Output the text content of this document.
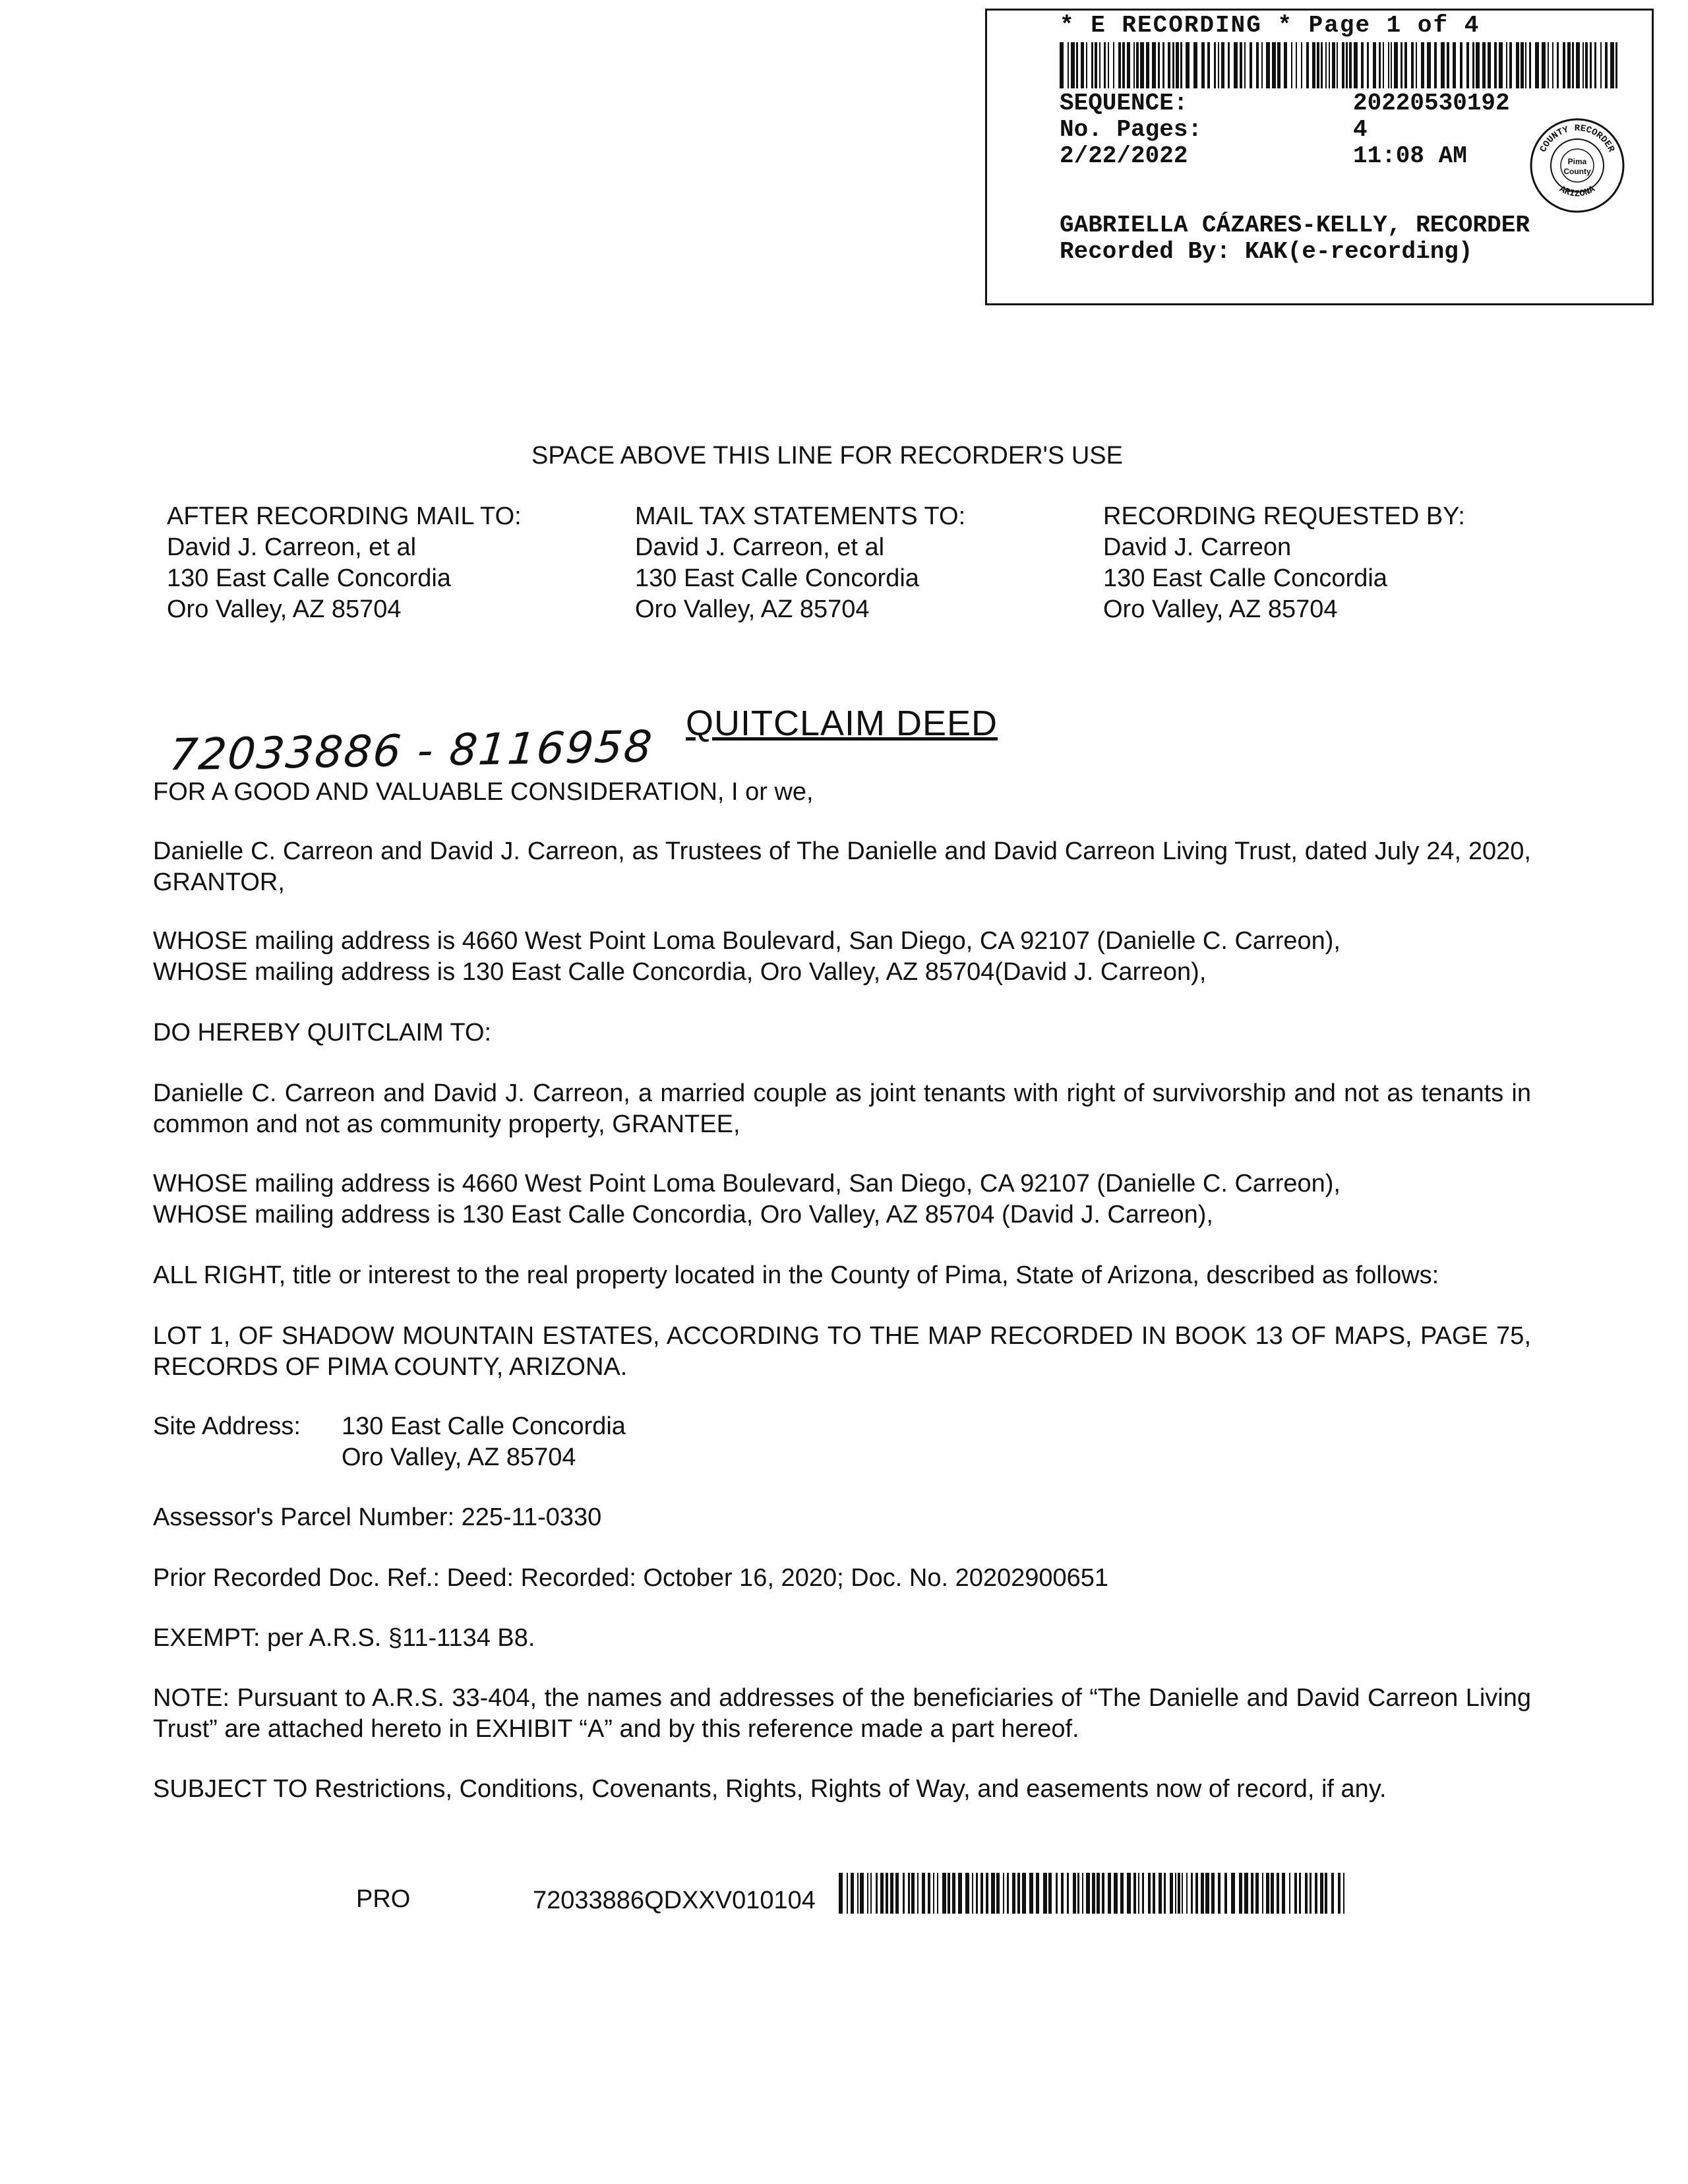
* E RECORDING * Page 1 of 4
SEQUENCE:	20220530192
No. Pages:	4
2/22/2022	11:08 AM	COUNTY RECORDER
ARIZONA
Pima
County
GABRIELLA CÁZARES-KELLY, RECORDER
Recorded By: KAK(e-recording)
SPACE ABOVE THIS LINE FOR RECORDER'S USE
AFTER RECORDING MAIL TO:
David J. Carreon, et al
130 East Calle Concordia
Oro Valley, AZ 85704
MAIL TAX STATEMENTS TO:
David J. Carreon, et al
130 East Calle Concordia
Oro Valley, AZ 85704
RECORDING REQUESTED BY:
David J. Carreon
130 East Calle Concordia
Oro Valley, AZ 85704
72033886 - 8116958 QUITCLAIM DEED
FOR A GOOD AND VALUABLE CONSIDERATION, I or we,
Danielle C. Carreon and David J. Carreon, as Trustees of The Danielle and David Carreon Living Trust, dated July 24, 2020, GRANTOR,
WHOSE mailing address is 4660 West Point Loma Boulevard, San Diego, CA 92107 (Danielle C. Carreon),
WHOSE mailing address is 130 East Calle Concordia, Oro Valley, AZ 85704(David J. Carreon),
DO HEREBY QUITCLAIM TO:
Danielle C. Carreon and David J. Carreon, a married couple as joint tenants with right of survivorship and not as tenants in common and not as community property, GRANTEE,
WHOSE mailing address is 4660 West Point Loma Boulevard, San Diego, CA 92107 (Danielle C. Carreon),
WHOSE mailing address is 130 East Calle Concordia, Oro Valley, AZ 85704 (David J. Carreon),
ALL RIGHT, title or interest to the real property located in the County of Pima, State of Arizona, described as follows:
LOT 1, OF SHADOW MOUNTAIN ESTATES, ACCORDING TO THE MAP RECORDED IN BOOK 13 OF MAPS, PAGE 75, RECORDS OF PIMA COUNTY, ARIZONA.
Site Address: 130 East Calle Concordia
Oro Valley, AZ 85704
Assessor's Parcel Number: 225-11-0330
Prior Recorded Doc. Ref.: Deed: Recorded: October 16, 2020; Doc. No. 20202900651
EXEMPT: per A.R.S. §11-1134 B8.
NOTE: Pursuant to A.R.S. 33-404, the names and addresses of the beneficiaries of “The Danielle and David Carreon Living Trust” are attached hereto in EXHIBIT “A” and by this reference made a part hereof.
SUBJECT TO Restrictions, Conditions, Covenants, Rights, Rights of Way, and easements now of record, if any.
PRO	72033886QDXXV010104
